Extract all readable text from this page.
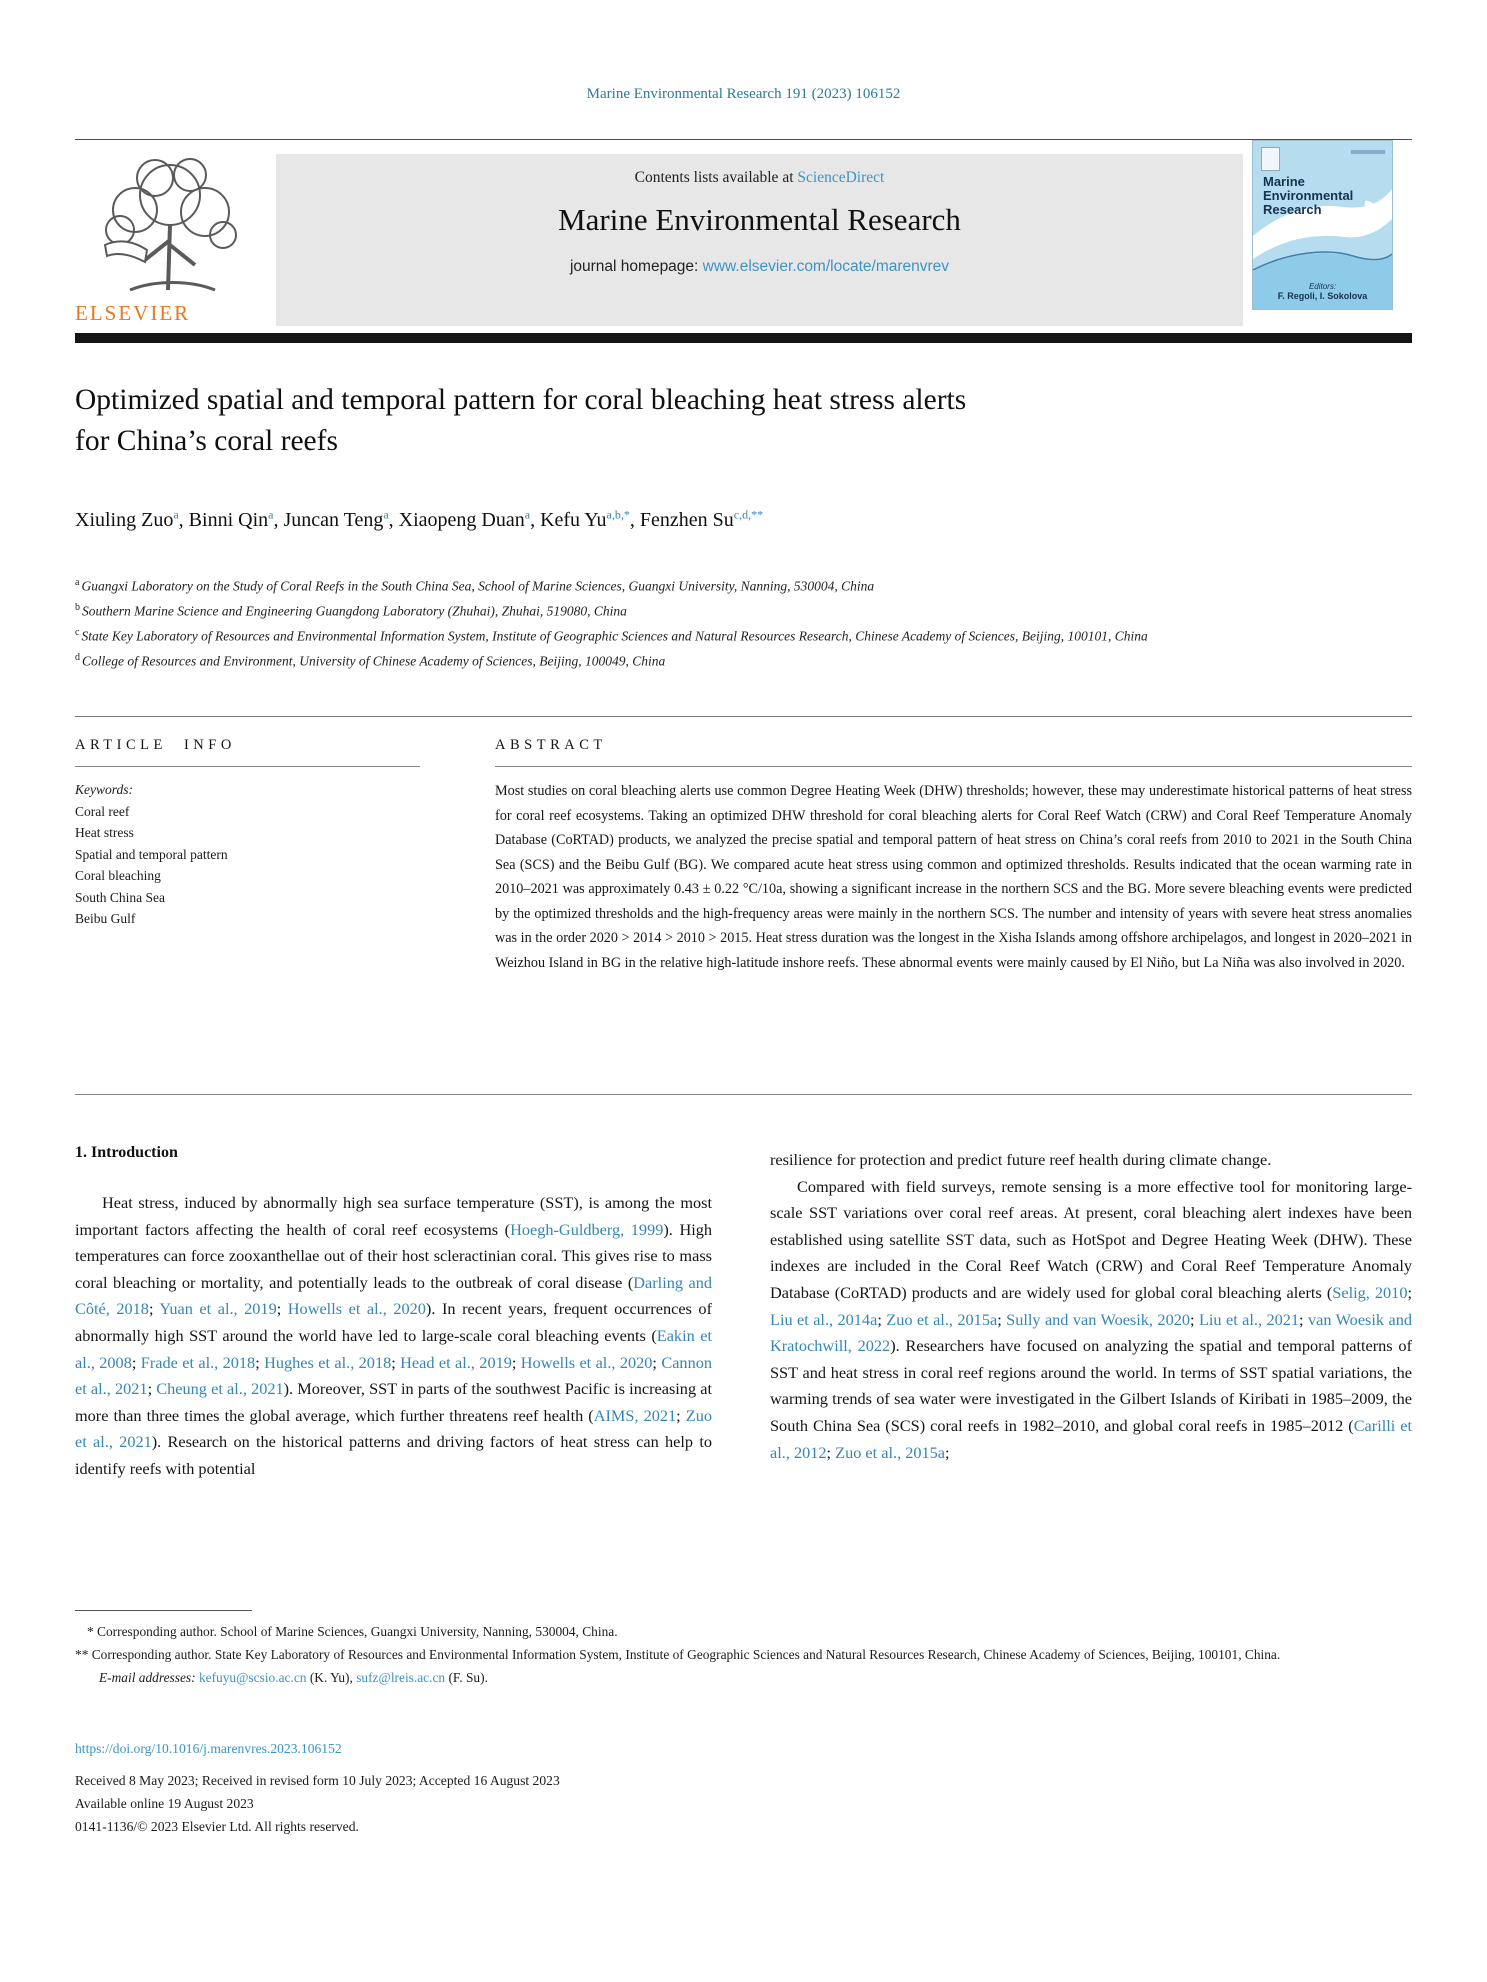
Marine Environmental Research 191 (2023) 106152
ELSEVIER
Contents lists available at ScienceDirect
Marine Environmental Research
journal homepage: www.elsevier.com/locate/marenvrev
Marine
Environmental
Research
Editors:
F. Regoli, I. Sokolova
Optimized spatial and temporal pattern for coral bleaching heat stress alerts
for China’s coral reefs
Xiuling Zuo$^a$, Binni Qin$^a$, Juncan Teng$^a$, Xiaopeng Duan$^a$, Kefu $Yu^{a,b,*}$, Fenzhen $Su^{c,d,**}$
$^a$ Guangxi Laboratory on the Study of Coral Reefs in the South China Sea, School of Marine Sciences, Guangxi University, Nanning, 530004, China
$^b$ Southern Marine Science and Engineering Guangdong Laboratory (Zhuhai), Zhuhai, 519080, China
$^c$ State Key Laboratory of Resources and Environmental Information System, Institute of Geographic Sciences and Natural Resources Research, Chinese Academy of Sciences, Beijing, 100101, China
$^d$ College of Resources and Environment, University of Chinese Academy of Sciences, Beijing, 100049, China
ARTICLE INFO
Keywords:
Coral reef
Heat stress
Spatial and temporal pattern
Coral bleaching
South China Sea
Beibu Gulf
ABSTRACT
Most studies on coral bleaching alerts use common Degree Heating Week (DHW) thresholds; however, these may underestimate historical patterns of heat stress for coral reef ecosystems. Taking an optimized DHW threshold for coral bleaching alerts for Coral Reef Watch (CRW) and Coral Reef Temperature Anomaly Database (CoRTAD) products, we analyzed the precise spatial and temporal pattern of heat stress on China’s coral reefs from 2010 to 2021 in the South China Sea (SCS) and the Beibu Gulf (BG). We compared acute heat stress using common and optimized thresholds. Results indicated that the ocean warming rate in 2010–2021 was approximately 0.43 ± 0.22 °C/10a, showing a significant increase in the northern SCS and the BG. More severe bleaching events were predicted by the optimized thresholds and the high-frequency areas were mainly in the northern SCS. The number and intensity of years with severe heat stress anomalies was in the order 2020 > 2014 > 2010 > 2015. Heat stress duration was the longest in the Xisha Islands among offshore archipelagos, and longest in 2020–2021 in Weizhou Island in BG in the relative high-latitude inshore reefs. These abnormal events were mainly caused by El Niño, but La Niña was also involved in 2020.
1. Introduction

Heat stress, induced by abnormally high sea surface temperature (SST), is among the most important factors affecting the health of coral reef ecosystems (Hoegh-Guldberg, 1999). High temperatures can force zooxanthellae out of their host scleractinian coral. This gives rise to mass coral bleaching or mortality, and potentially leads to the outbreak of coral disease (Darling and Côté, 2018; Yuan et al., 2019; Howells et al., 2020). In recent years, frequent occurrences of abnormally high SST around the world have led to large-scale coral bleaching events (Eakin et al., 2008; Frade et al., 2018; Hughes et al., 2018; Head et al., 2019; Howells et al., 2020; Cannon et al., 2021; Cheung et al., 2021). Moreover, SST in parts of the southwest Pacific is increasing at more than three times the global average, which further threatens reef health (AIMS, 2021; Zuo et al., 2021). Research on the historical patterns and driving factors of heat stress can help to identify reefs with potential

resilience for protection and predict future reef health during climate change.

Compared with field surveys, remote sensing is a more effective tool for monitoring large-scale SST variations over coral reef areas. At present, coral bleaching alert indexes have been established using satellite SST data, such as HotSpot and Degree Heating Week (DHW). These indexes are included in the Coral Reef Watch (CRW) and Coral Reef Temperature Anomaly Database (CoRTAD) products and are widely used for global coral bleaching alerts (Selig, 2010; Liu et al., 2014a; Zuo et al., 2015a; Sully and van Woesik, 2020; Liu et al., 2021; van Woesik and Kratochwill, 2022). Researchers have focused on analyzing the spatial and temporal patterns of SST and heat stress in coral reef regions around the world. In terms of SST spatial variations, the warming trends of sea water were investigated in the Gilbert Islands of Kiribati in 1985–2009, the South China Sea (SCS) coral reefs in 1982–2010, and global coral reefs in 1985–2012 (Carilli et al., 2012; Zuo et al., 2015a;

* Corresponding author. School of Marine Sciences, Guangxi University, Nanning, 530004, China.
** Corresponding author. State Key Laboratory of Resources and Environmental Information System, Institute of Geographic Sciences and Natural Resources Research, Chinese Academy of Sciences, Beijing, 100101, China.
E-mail addresses: kefuyu@scsio.ac.cn (K. Yu), sufz@lreis.ac.cn (F. Su).
https://doi.org/10.1016/j.marenvres.2023.106152
Received 8 May 2023; Received in revised form 10 July 2023; Accepted 16 August 2023
Available online 19 August 2023
0141-1136/© 2023 Elsevier Ltd. All rights reserved.
